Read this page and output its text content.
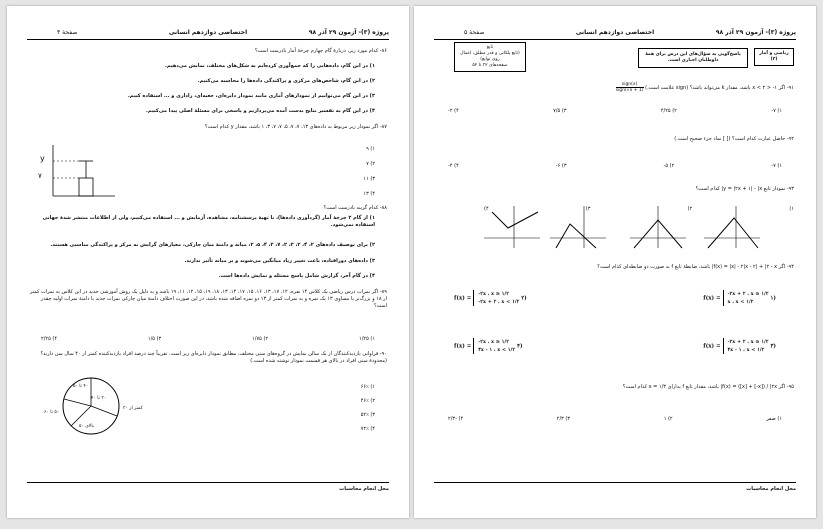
پروژه (۳)- آزمون ۲۹ آذر ۹۸
اختصاصی دوازدهم انسانی
صفحهٔ ۴
۸۶- کدام مورد زیر، دربارهٔ گام چهارم چرخهٔ آمار نادرست است؟
۱) در این گام، داده‌هایی را که جمع‌آوری کرده‌ایم به شکل‌های مختلف، نمایش می‌دهیم.
۲) در این گام، شاخص‌های مرکزی و پراکندگی داده‌ها را محاسبه می‌کنیم.
۳) در این گام می‌توانیم از نمودارهای آماری مانند نمودار دایره‌ای، جعبه‌ای، راداری و ... استفاده کنیم.
۴) در این گام به تفسیر نتایج بدست آمده می‌پردازیم و پاسخی برای مسئلهٔ اصلی پیدا می‌کنیم.
۸۷- اگر نمودار زیر مربوط به داده‌های ۱۳، ۷، ۷، ۵، ۷، ۷، ۳، ۱ باشد، مقدار y کدام است؟
y
۷
۱) ۹
۲) ۷
۳) ۱۱
۴) ۱۳
۸۸- کدام گزینه نادرست است؟
۱) از گام ۲ چرخهٔ آمار (گردآوری داده‌ها)، با تهیهٔ پرسشنامه، مشاهده، آزمایش و ... استفاده می‌کنیم، ولی از اطلاعات منتشر شدهٔ جهانی استفاده نمی‌شود.
۲) برای توصیف داده‌های ۲، ۴، ۲، ۳، ۲، ۷، ۲، ۴، ۵، ۲، میانه و دامنهٔ میان چارکی، معیارهای گرایش به مرکز و پراکندگی مناسبی هستند.
۳) داده‌های دورافتاده، باعث تغییر زیاد میانگین می‌شوند و بر میانه تأثیر ندارند.
۴) در گام آخر، گزارش شامل پاسخ مسئله و نمایش داده‌ها است.
۸۹- اگر نمرات درس ریاضی یک کلاس ۱۴ نفره، ۱۲، ۱۷، ۱۳، ۱۶، ۱۵، ۱۷، ۱۴، ۱۳، ۱۸، ۱۹، ۱۵، ۱۲، ۱۱، ۱۹ باشد و به دلیل یک روش آموزشی جدید در این کلاس به نمرات کمتر از ۱۸ و بزرگ‌تر یا مساوی ۱۳ یک نمره و به نمرات کمتر از ۱۳ دو نمره اضافه شده باشد، در این صورت اختلاف دامنهٔ میان چارکی نمرات جدید با دامنهٔ نمرات اولیه چقدر است؟
۱) ۱/۲۵
۲) ۱/۷۵
۳) ۱/۵
۴) ۲/۲۵
۹۰- فراوانی بازدیدکنندگان از یک سالن نمایش در گروه‌های سنی مختلف، مطابق نمودار دایره‌ای زیر است. تقریباً چند درصد افراد بازدیدکننده کمتر از ۴۰ سال سن دارند؟ (محدودهٔ سنی افراد در بالای هر قسمت نمودار نوشته شده است.)
۴۰ تا ۵۰
۳۰ تا ۴۰
کمتر از ۳۰
بالای ۵۰
۵۰ تا ۶۰
۱) ۶۶٪
۲) ۴۶٪
۳) ۵۲٪
۴) ۷۲٪
محل انجام محاسبات
پروژه (۳)- آزمون ۲۹ آذر ۹۸
اختصاصی دوازدهم انسانی
صفحهٔ ۵
ریاضی و آمار (۲)
پاسخ‌گویی به سؤال‌های این درس برای همهٔ داوطلبان اجباری است.
تابع
(تابع پلکانی و قدر مطلق، اعمال روی توابع)
صفحه‌های ۳۲ تا ۵۲
۹۱- اگر ۱- < x < ۲ باشد، مقدار k می‌تواند باشد؟ (sign علامت است.)
$\frac{\text{sign(x)}}{\text{sign(√x + 1)}}$
۱) ۷-
۲) ۴/۲۵
۳) ۷/۵
۴) ۲-
۹۲- حاصل عبارت کدام است؟ ([ ] نماد جزء صحیح است.)
۱) ۷-
۲) ۵-
۳) ۶-
۴) ۴-
۹۳- نمودار تابع y = |۲x + ۱| - |x| کدام است؟
۱)
۲)
۳)
۴)
۹۴- اگر f(x) = |x| - ۲|x - ۲| + |۲ - x| باشد، ضابطهٔ تابع f به صورت دو ضابطه‌ای کدام است؟
f(x) =
-۲x + ۲ ، x ≥ ۱/۲
x ، x < ۱/۲
۱)
f(x) =
-۲x ، x ≥ ۱/۲
-۲x + ۲ ، x < ۱/۲
۲)
f(x) =
-۲x + ۲ ، x ≥ ۱/۲
۴x - ۱ ، x < ۱/۲
۳)
f(x) =
-۲x ، x ≥ ۱/۲
۴x - ۱ ، x < ۱/۲
۴)
۹۵- اگر f(x) = ([x] + [-x]) / |۲x| باشد، مقدار تابع f به‌ازای x = ۱/۳ کدام است؟
۱) صفر
۲) ۱
۳) ۲/۳
۴) -۲/۳
محل انجام محاسبات
